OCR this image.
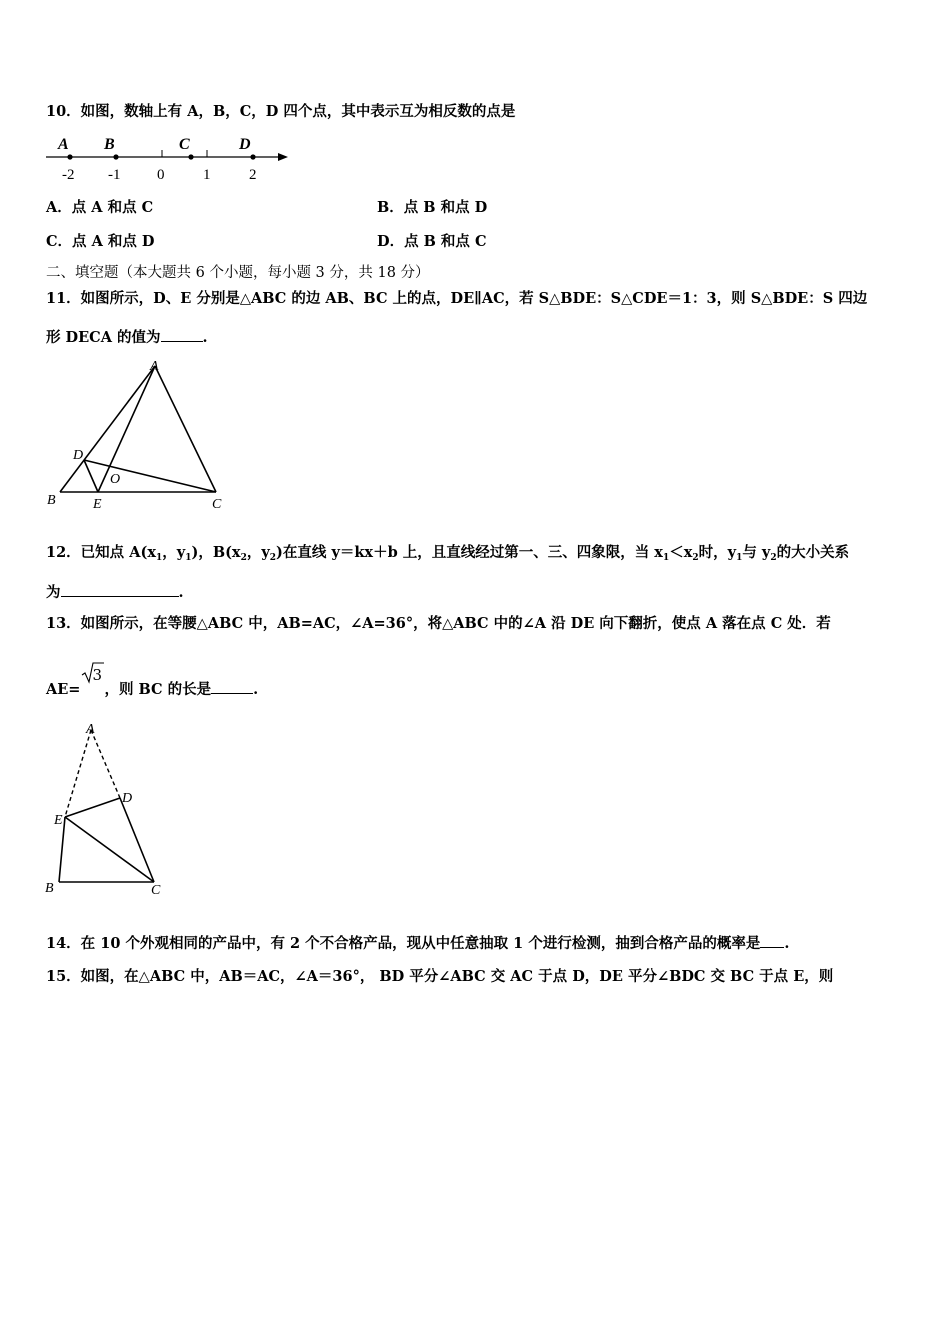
10．如图，数轴上有 A，B，C，D 四个点，其中表示互为相反数的点是
A B	C	D
-2 -1 0	1	2
A．点 A 和点 C	B．点 B 和点 D
C．点 A 和点 D	D．点 B 和点 C
二、填空题（本大题共 6 个小题，每小题 3 分，共 18 分）
11．如图所示，D、E 分别是△ABC 的边 AB、BC 上的点，DE∥AC，若 S△BDE：S△CDE＝1：3，则 S△BDE：S 四边
形 DECA 的值为	.
A
B	C
D
E
O
12．已知点 $A(x_1$，$y_1$)，$B(x_2$，$y_2$)在直线 y＝kx＋b 上，且直线经过第一、三、四象限，当 $x_1<x_2$时，$y_1$与 $y_2$的大小关系
为	.
13．如图所示，在等腰△ABC 中，AB=AC，∠A=36°，将△ABC 中的∠A 沿 DE 向下翻折，使点 A 落在点 C 处．若
AE=
3
，则 BC 的长是	.
A
B	C
D
E
14．在 10 个外观相同的产品中，有 2 个不合格产品，现从中任意抽取 1 个进行检测，抽到合格产品的概率是 .
15．如图，在△ABC 中，AB＝AC，∠A＝36°， BD 平分∠ABC 交 AC 于点 D，DE 平分∠BDC 交 BC 于点 E，则
